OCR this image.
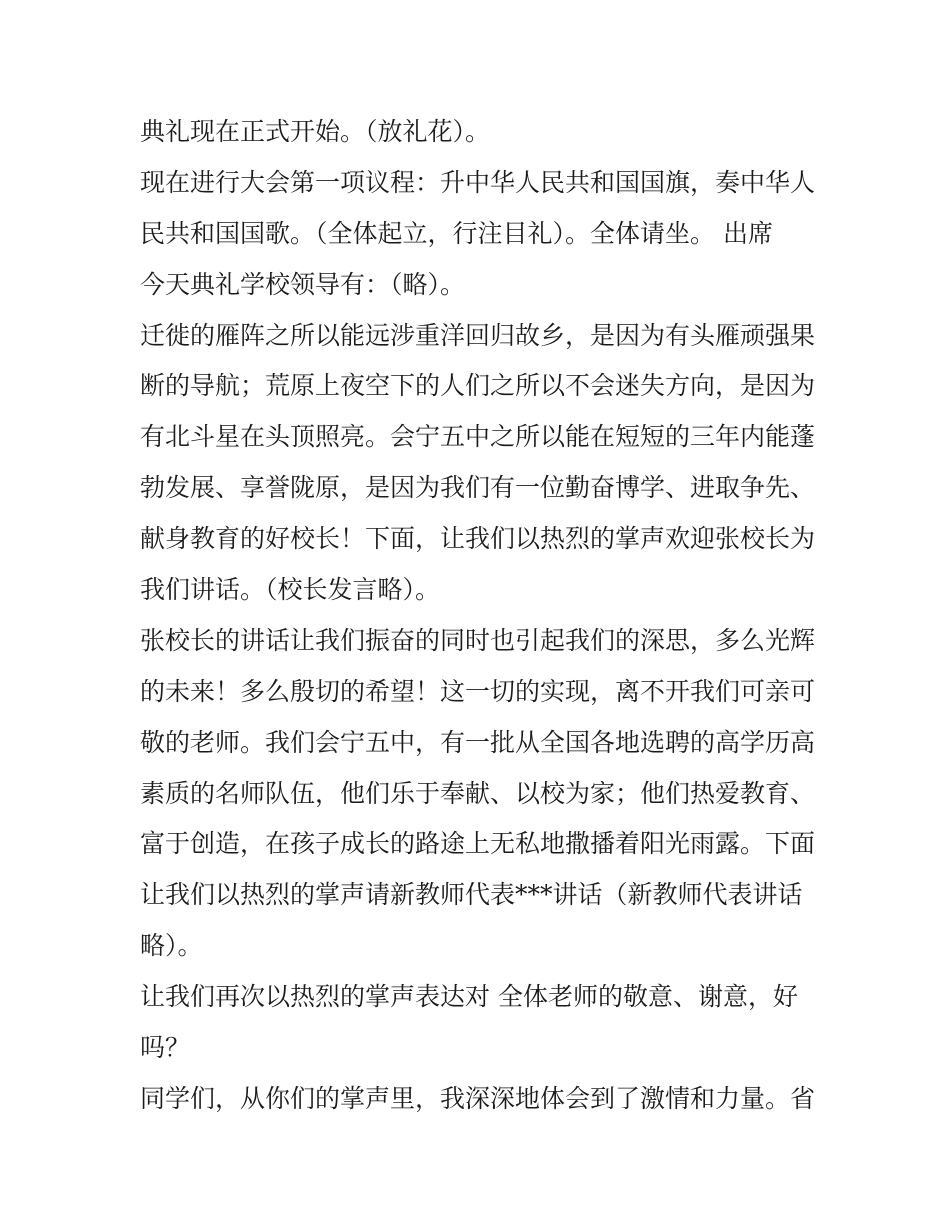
典礼现在正式开始。（放礼花）。
现在进行大会第一项议程：升中华人民共和国国旗，奏中华人
民共和国国歌。（全体起立，行注目礼）。全体请坐。 出席
今天典礼学校领导有：（略）。
迁徙的雁阵之所以能远涉重洋回归故乡，是因为有头雁顽强果
断的导航；荒原上夜空下的人们之所以不会迷失方向，是因为
有北斗星在头顶照亮。会宁五中之所以能在短短的三年内能蓬
勃发展、享誉陇原，是因为我们有一位勤奋博学、进取争先、
献身教育的好校长！下面，让我们以热烈的掌声欢迎张校长为
我们讲话。（校长发言略）。
张校长的讲话让我们振奋的同时也引起我们的深思，多么光辉
的未来！多么殷切的希望！这一切的实现，离不开我们可亲可
敬的老师。我们会宁五中，有一批从全国各地选聘的高学历高
素质的名师队伍，他们乐于奉献、以校为家；他们热爱教育、
富于创造，在孩子成长的路途上无私地撒播着阳光雨露。下面
让我们以热烈的掌声请新教师代表***讲话（新教师代表讲话
略）。
让我们再次以热烈的掌声表达对 全体老师的敬意、谢意，好
吗？
同学们，从你们的掌声里，我深深地体会到了激情和力量。省
